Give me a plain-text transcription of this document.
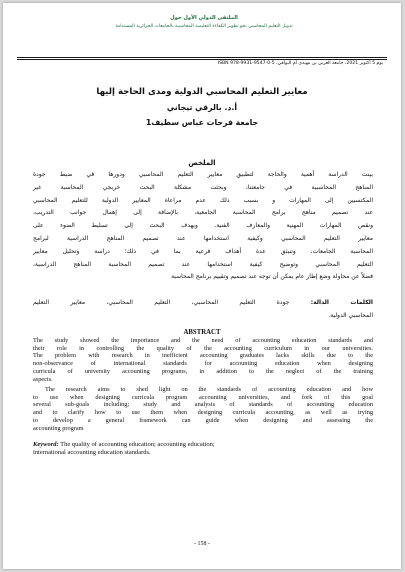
الملتقى الدولي الأول حول
تدويل التعليم المحاسبي نحو تطوير الكفاءة التعليمية المحاسبية بالجامعات الجزائرية المستدامة
يوم 5 أكتوبر 2021، جامعة العربي بن مهيدي أم البواقي، ISBN 978-9931-9547-0-5
معايير التعليم المحاسبي الدولية ومدى الحاجة إليها
أ.د. بالرقي تيجاني
جامعة فرحات عباس سطيف1
الملخص
بينت الدراسة أهمية والحاجة لتطبيق معايير التعليم المحاسبي ودورها في ضبط جودة
المناهج المحاسبية في جامعتنا، وبحثت مشكلة البحث خريجي المحاسبة غير
المكتسبين إلى المهارات و بسبب ذلك عدم مراعاة المعايير الدولية للتعليم المحاسبي
عند تصميم مناهج برامج المحاسبة الجامعية، بالإضافة إلى إهمال جوانب التدريب،
ونقص المهارات المهنية والمعارف الفنية. ويهدف البحث إلى تسليط الضوء على
معايير التعليم المحاسبي وكيفية استخدامها عند تصميم المناهج الدراسية لبرامج
المحاسبة الجامعات، وتنبثق عدة أهداف فرعية بما في ذلك؛ دراسة وتحليل معايير
التعليم المحاسبي وتوضيح كيفية استخدامها عند تصميم المحاسبة المناهج الدراسية،
فضلاً عن محاولة وضع إطار عام يمكن أن توجه عند تصميم وتقييم برنامج المحاسبة
الكلمات الدالة: جودة التعليم المحاسبي، التعليم المحاسبي، معايير التعليم
المحاسبي الدولية.
ABSTRACT
The study showed the importance and the need of accounting education standards and
their role in controlling the quality of the accounting curriculum in our universities.
The problem with research in inefficient accounting graduates lacks skills due to the
non-observance of international standards for accounting education when designing
curricula of university accounting programs, in addition to the neglect of the training
aspects.
The research aims to shed light on the standards of accounting education and how
to use when designing curricula program accounting universities, and fork of this goal
several sub-goals including; study and analysis of standards of accounting education
and to clarify how to use them when designing curricula accounting, as well as trying
to develop a general framework can guide when designing and assessing the
accounting program
Keyword: The quality of accounting education; accounting education;
international accounting education standards.
- 158 -
